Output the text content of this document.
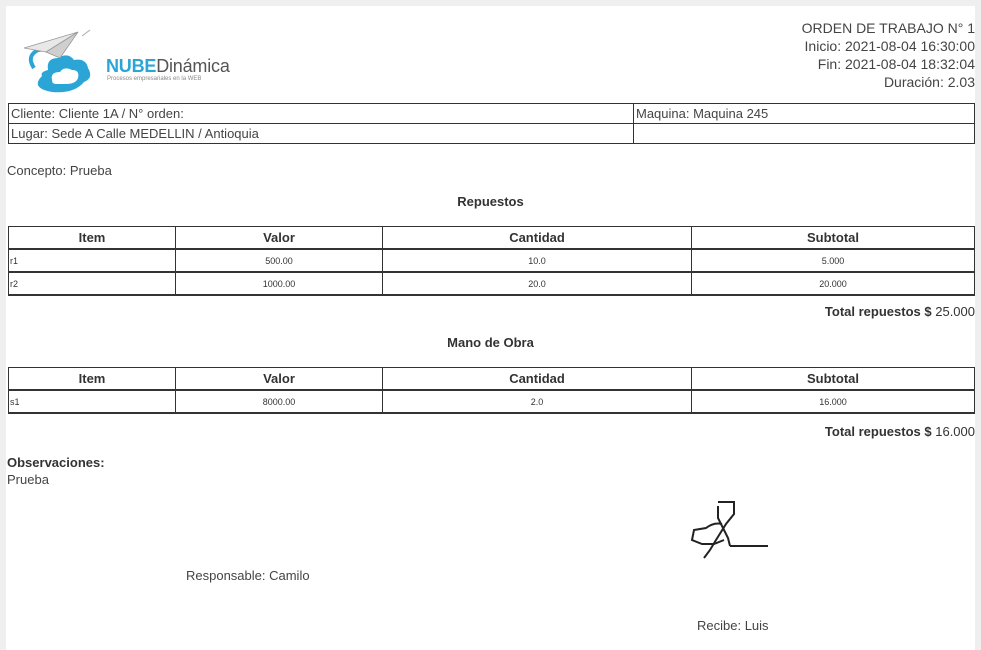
NUBEDinámica
Procesos empresariales en la WEB
ORDEN DE TRABAJO N° 1
Inicio: 2021-08-04 16:30:00
Fin: 2021-08-04 18:32:04
Duración: 2.03
Cliente: Cliente 1A / N° orden:	Maquina: Maquina 245
Lugar: Sede A Calle MEDELLIN / Antioquia	
Concepto: Prueba
Repuestos
Item	Valor	Cantidad	Subtotal
r1	500.00	10.0	5.000
r2	1000.00	20.0	20.000
Total repuestos $ 25.000
Mano de Obra
Item	Valor	Cantidad	Subtotal
s1	8000.00	2.0	16.000
Total repuestos $ 16.000
Observaciones:
Prueba
Responsable: Camilo
Recibe: Luis
